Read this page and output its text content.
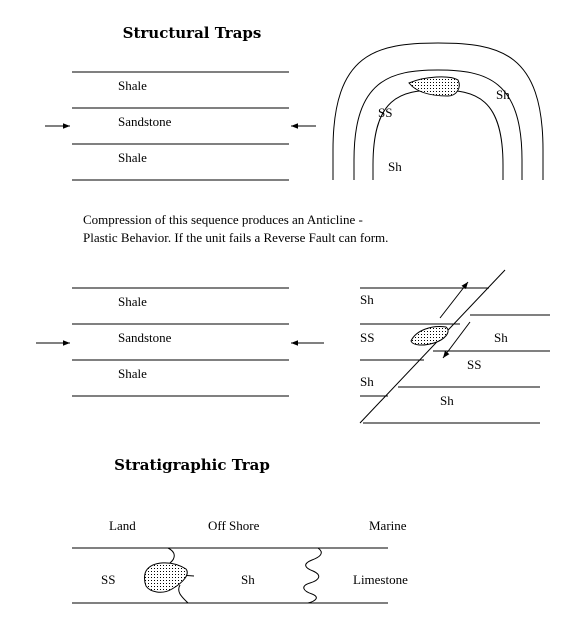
Structural Traps
Shale
Sandstone
Shale
Sh
SS
Sh
Compression of this sequence produces an Anticline -
Plastic Behavior. If the unit fails a Reverse Fault can form.
Shale
Sandstone
Shale
Sh
SS
Sh
Sh
SS
Sh
Stratigraphic Trap
Land	Off Shore	Marine
SS	Sh	Limestone
